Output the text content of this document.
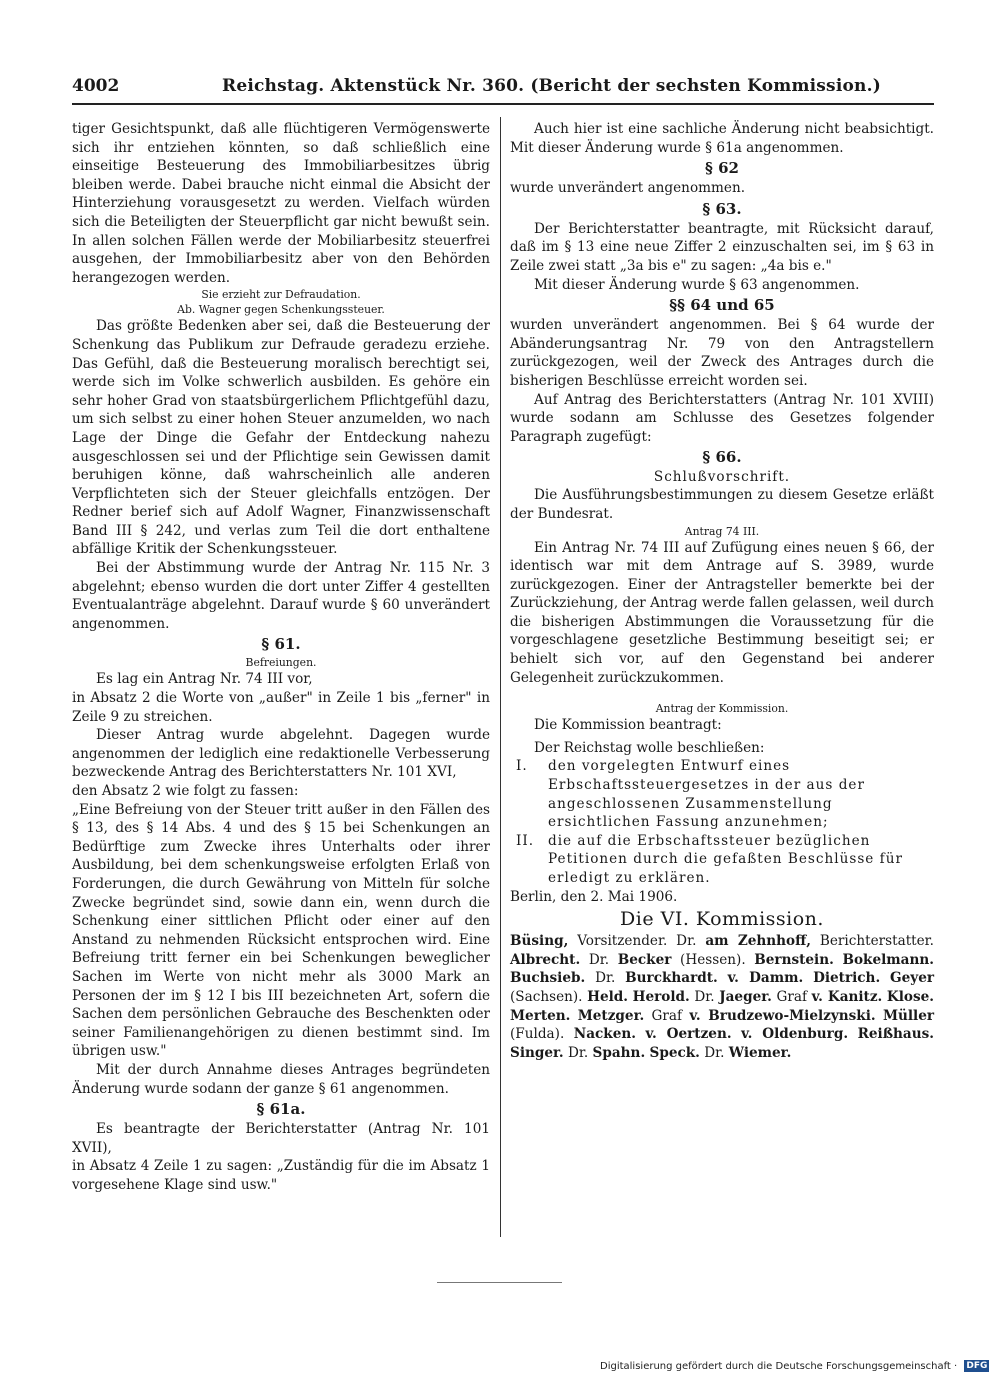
4002	Reichstag. Aktenstück Nr. 360. (Bericht der sechsten Kommission.)

tiger Gesichtspunkt, daß alle flüchtigeren Vermögenswerte sich ihr entziehen könnten, so daß schließlich eine einseitige Besteuerung des Immobiliarbesitzes übrig bleiben werde. Dabei brauche nicht einmal die Absicht der Hinterziehung vorausgesetzt zu werden. Vielfach würden sich die Beteiligten der Steuerpflicht gar nicht bewußt sein. In allen solchen Fällen werde der Mobiliarbesitz steuerfrei ausgehen, der Immobiliarbesitz aber von den Behörden herangezogen werden.

Sie erzieht zur Defraudation.

Ab. Wagner gegen Schenkungssteuer.

Das größte Bedenken aber sei, daß die Besteuerung der Schenkung das Publikum zur Defraude geradezu erziehe. Das Gefühl, daß die Besteuerung moralisch berechtigt sei, werde sich im Volke schwerlich ausbilden. Es gehöre ein sehr hoher Grad von staatsbürgerlichem Pflichtgefühl dazu, um sich selbst zu einer hohen Steuer anzumelden, wo nach Lage der Dinge die Gefahr der Entdeckung nahezu ausgeschlossen sei und der Pflichtige sein Gewissen damit beruhigen könne, daß wahrscheinlich alle anderen Verpflichteten sich der Steuer gleichfalls entzögen. Der Redner berief sich auf Adolf Wagner, Finanzwissenschaft Band III § 242, und verlas zum Teil die dort enthaltene abfällige Kritik der Schenkungssteuer.

Bei der Abstimmung wurde der Antrag Nr. 115 Nr. 3 abgelehnt; ebenso wurden die dort unter Ziffer 4 gestellten Eventualanträge abgelehnt. Darauf wurde § 60 unverändert angenommen.

§ 61.

Befreiungen.

Es lag ein Antrag Nr. 74 III vor,

in Absatz 2 die Worte von „außer" in Zeile 1 bis „ferner" in Zeile 9 zu streichen.

Dieser Antrag wurde abgelehnt. Dagegen wurde angenommen der lediglich eine redaktionelle Verbesserung bezweckende Antrag des Berichterstatters Nr. 101 XVI,

den Absatz 2 wie folgt zu fassen:

„Eine Befreiung von der Steuer tritt außer in den Fällen des § 13, des § 14 Abs. 4 und des § 15 bei Schenkungen an Bedürftige zum Zwecke ihres Unterhalts oder ihrer Ausbildung, bei dem schenkungsweise erfolgten Erlaß von Forderungen, die durch Gewährung von Mitteln für solche Zwecke begründet sind, sowie dann ein, wenn durch die Schenkung einer sittlichen Pflicht oder einer auf den Anstand zu nehmenden Rücksicht entsprochen wird. Eine Befreiung tritt ferner ein bei Schenkungen beweglicher Sachen im Werte von nicht mehr als 3000 Mark an Personen der im § 12 I bis III bezeichneten Art, sofern die Sachen dem persönlichen Gebrauche des Beschenkten oder seiner Familienangehörigen zu dienen bestimmt sind. Im übrigen usw."

Mit der durch Annahme dieses Antrages begründeten Änderung wurde sodann der ganze § 61 angenommen.

§ 61a.

Es beantragte der Berichterstatter (Antrag Nr. 101 XVII),

in Absatz 4 Zeile 1 zu sagen: „Zuständig für die im Absatz 1 vorgesehene Klage sind usw."

Auch hier ist eine sachliche Änderung nicht beabsichtigt. Mit dieser Änderung wurde § 61a angenommen.

§ 62

wurde unverändert angenommen.

§ 63.

Der Berichterstatter beantragte, mit Rücksicht darauf, daß im § 13 eine neue Ziffer 2 einzuschalten sei, im § 63 in Zeile zwei statt „3a bis e" zu sagen: „4a bis e."

Mit dieser Änderung wurde § 63 angenommen.

§§ 64 und 65

wurden unverändert angenommen. Bei § 64 wurde der Abänderungsantrag Nr. 79 von den Antragstellern zurückgezogen, weil der Zweck des Antrages durch die bisherigen Beschlüsse erreicht worden sei.

Auf Antrag des Berichterstatters (Antrag Nr. 101 XVIII) wurde sodann am Schlusse des Gesetzes folgender Paragraph zugefügt:

§ 66.

Schlußvorschrift.

Die Ausführungsbestimmungen zu diesem Gesetze erläßt der Bundesrat.

Antrag 74 III.

Ein Antrag Nr. 74 III auf Zufügung eines neuen § 66, der identisch war mit dem Antrage auf S. 3989, wurde zurückgezogen. Einer der Antragsteller bemerkte bei der Zurückziehung, der Antrag werde fallen gelassen, weil durch die bisherigen Abstimmungen die Voraussetzung für die vorgeschlagene gesetzliche Bestimmung beseitigt sei; er behielt sich vor, auf den Gegenstand bei anderer Gelegenheit zurückzukommen.

Antrag der Kommission.

Die Kommission beantragt:

Der Reichstag wolle beschließen:

I.	den vorgelegten Entwurf eines Erbschaftssteuergesetzes in der aus der angeschlossenen Zusammenstellung ersichtlichen Fassung anzunehmen;
II.	die auf die Erbschaftssteuer bezüglichen Petitionen durch die gefaßten Beschlüsse für erledigt zu erklären.

Berlin, den 2. Mai 1906.

Die VI. Kommission.

Büsing, Vorsitzender. Dr. am Zehnhoff, Berichterstatter. Albrecht. Dr. Becker (Hessen). Bernstein. Bokelmann. Buchsieb. Dr. Burckhardt. v. Damm. Dietrich. Geyer (Sachsen). Held. Herold. Dr. Jaeger. Graf v. Kanitz. Klose. Merten. Metzger. Graf v. Brudzewo-Mielzynski. Müller (Fulda). Nacken. v. Oertzen. v. Oldenburg. Reißhaus. Singer. Dr. Spahn. Speck. Dr. Wiemer.

Digitalisierung gefördert durch die Deutsche Forschungsgemeinschaft · DFG
